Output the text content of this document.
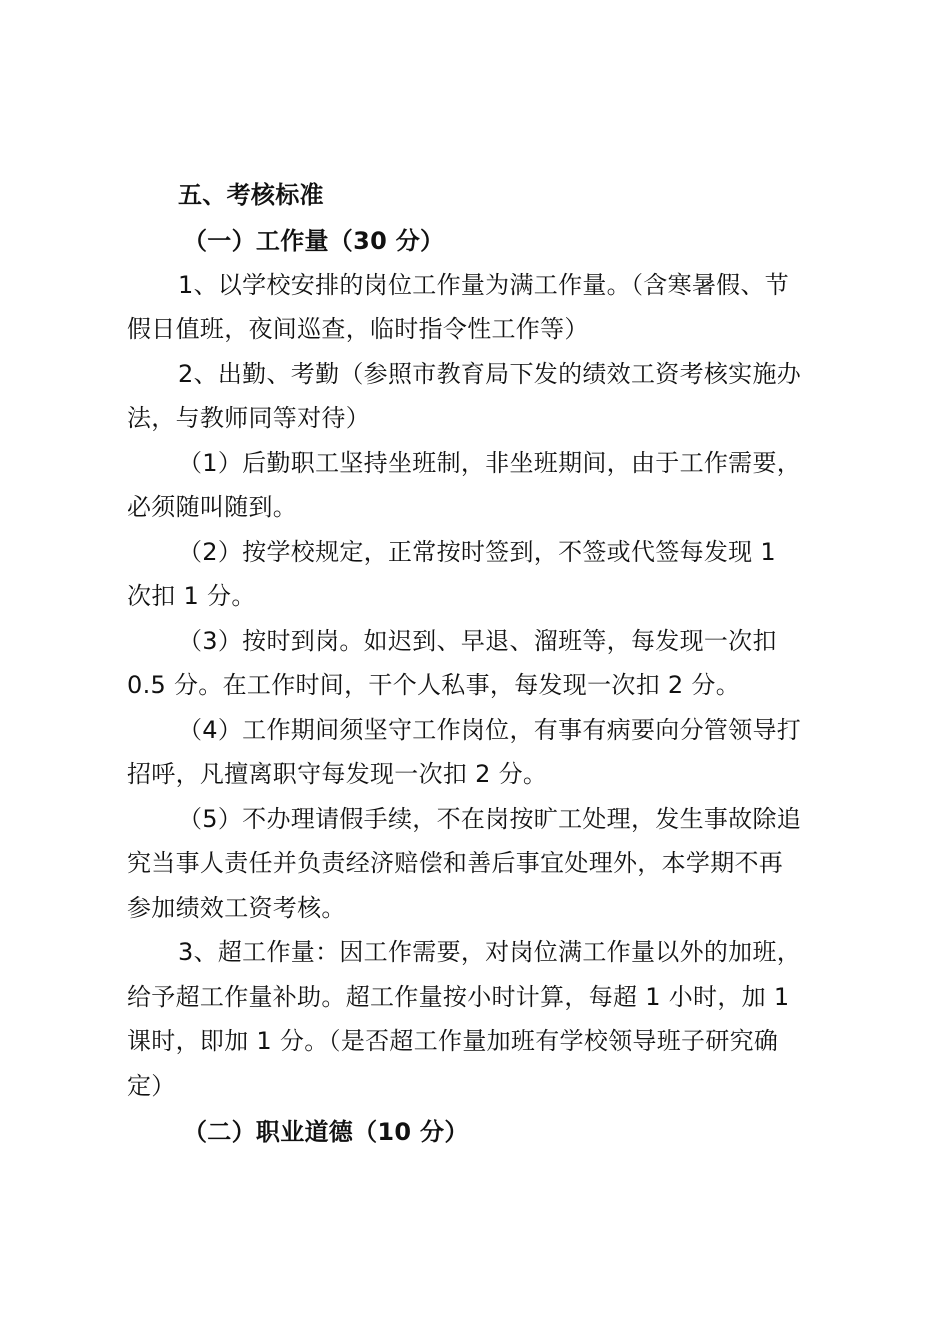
五、考核标准
（一）工作量（30 分）
1、以学校安排的岗位工作量为满工作量。（含寒暑假、节
假日值班，夜间巡查，临时指令性工作等）
2、出勤、考勤（参照市教育局下发的绩效工资考核实施办
法，与教师同等对待）
（1）后勤职工坚持坐班制，非坐班期间，由于工作需要，
必须随叫随到。
（2）按学校规定，正常按时签到，不签或代签每发现 1
次扣 1 分。
（3）按时到岗。如迟到、早退、溜班等，每发现一次扣
0.5 分。在工作时间，干个人私事，每发现一次扣 2 分。
（4）工作期间须坚守工作岗位，有事有病要向分管领导打
招呼，凡擅离职守每发现一次扣 2 分。
（5）不办理请假手续，不在岗按旷工处理，发生事故除追
究当事人责任并负责经济赔偿和善后事宜处理外，本学期不再
参加绩效工资考核。
3、超工作量：因工作需要，对岗位满工作量以外的加班，
给予超工作量补助。超工作量按小时计算，每超 1 小时，加 1
课时，即加 1 分。（是否超工作量加班有学校领导班子研究确
定）
（二）职业道德（10 分）
